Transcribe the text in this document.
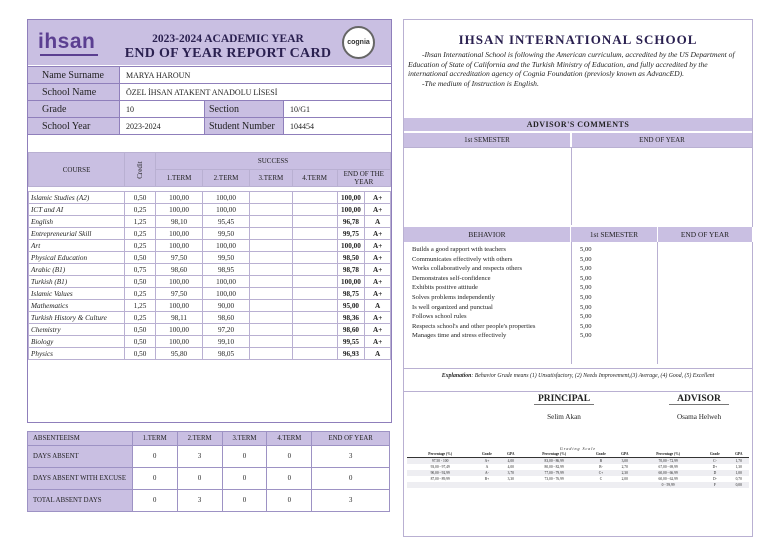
ihsan	2023-2024 ACADEMIC YEAR
END OF YEAR REPORT CARD
cognia
Name Surname	MARYA HAROUN
School Name	ÖZEL İHSAN ATAKENT ANADOLU LİSESİ
Grade	10	Section	10/G1
School Year	2023-2024	Student Number	104454
COURSE	Credit	SUCCESS					
		1.TERM	2.TERM	3.TERM	4.TERM	END OF THE YEAR	

Islamic Studies (A2)	0,50	100,00	100,00			100,00	A+
ICT and AI	0,25	100,00	100,00			100,00	A+
English	1,25	98,10	95,45			96,78	A
Entrepreneurial Skill	0,25	100,00	99,50			99,75	A+
Art	0,25	100,00	100,00			100,00	A+
Physical Education	0,50	97,50	99,50			98,50	A+
Arabic (B1)	0,75	98,60	98,95			98,78	A+
Turkish (B1)	0,50	100,00	100,00			100,00	A+
Islamic Values	0,25	97,50	100,00			98,75	A+
Mathematics	1,25	100,00	90,00			95,00	A
Turkish History & Culture	0,25	98,11	98,60			98,36	A+
Chemistry	0,50	100,00	97,20			98,60	A+
Biology	0,50	100,00	99,10			99,55	A+
Physics	0,50	95,80	98,05			96,93	A
ABSENTEEISM	1.TERM	2.TERM	3.TERM	4.TERM	END OF YEAR
DAYS ABSENT	0	3	0	0	3
DAYS ABSENT WITH EXCUSE	0	0	0	0	0
TOTAL ABSENT DAYS	0	3	0	0	3
IHSAN INTERNATIONAL SCHOOL
-Ihsan International School is following the American curriculum, accredited by the US Department of Education of State of California and the Turkish Ministry of Education, and fully accredited by the international accreditation agency of Cognia Foundation (previosly known as AdvancED).
-The medium of Instruction is English.
ADVISOR'S COMMENTS
1st SEMESTER	END OF YEAR
BEHAVIOR	1st SEMESTER	END OF YEAR
Builds a good rapport with teachers	5,00
Communicates effectively with others	5,00
Works collaboratively and respects others	5,00
Demonstrates self-confidence	5,00
Exhibits positive attitude	5,00
Solves problems independently	5,00
Is well organized and punctual	5,00
Follows school rules	5,00
Respects school's and other people's properties	5,00
Manages time and stress effectively	5,00
Explanation: Behavior Grade means (1) Unsatisfactory, (2) Needs Improvement,(3) Average, (4) Good, (5) Excellent
PRINCIPAL
Selim Akan
ADVISOR
Osama Helweh
Grading Scale
Percentage (%)	Grade	GPA	Percentage (%)	Grade	GPA	Percentage (%)	Grade	GPA
97.50 - 100	A+	4,00	83,00 - 86,99	B	3,00	70,00 - 72,99	C-	1,70
93,00 - 97,49	A	4,00	80,00 - 82,99	B-	2,70	67,00 - 69,99	D+	1,30
90,00 - 92,99	A-	3,70	77,00 - 79,99	C+	2,30	60,00 - 66,99	D	1,00
87,00 - 89,99	B+	3,30	73,00 - 76,99	C	2,00	60,00 - 62,99	D-	0,70
						0 - 59,99	F	0,00
